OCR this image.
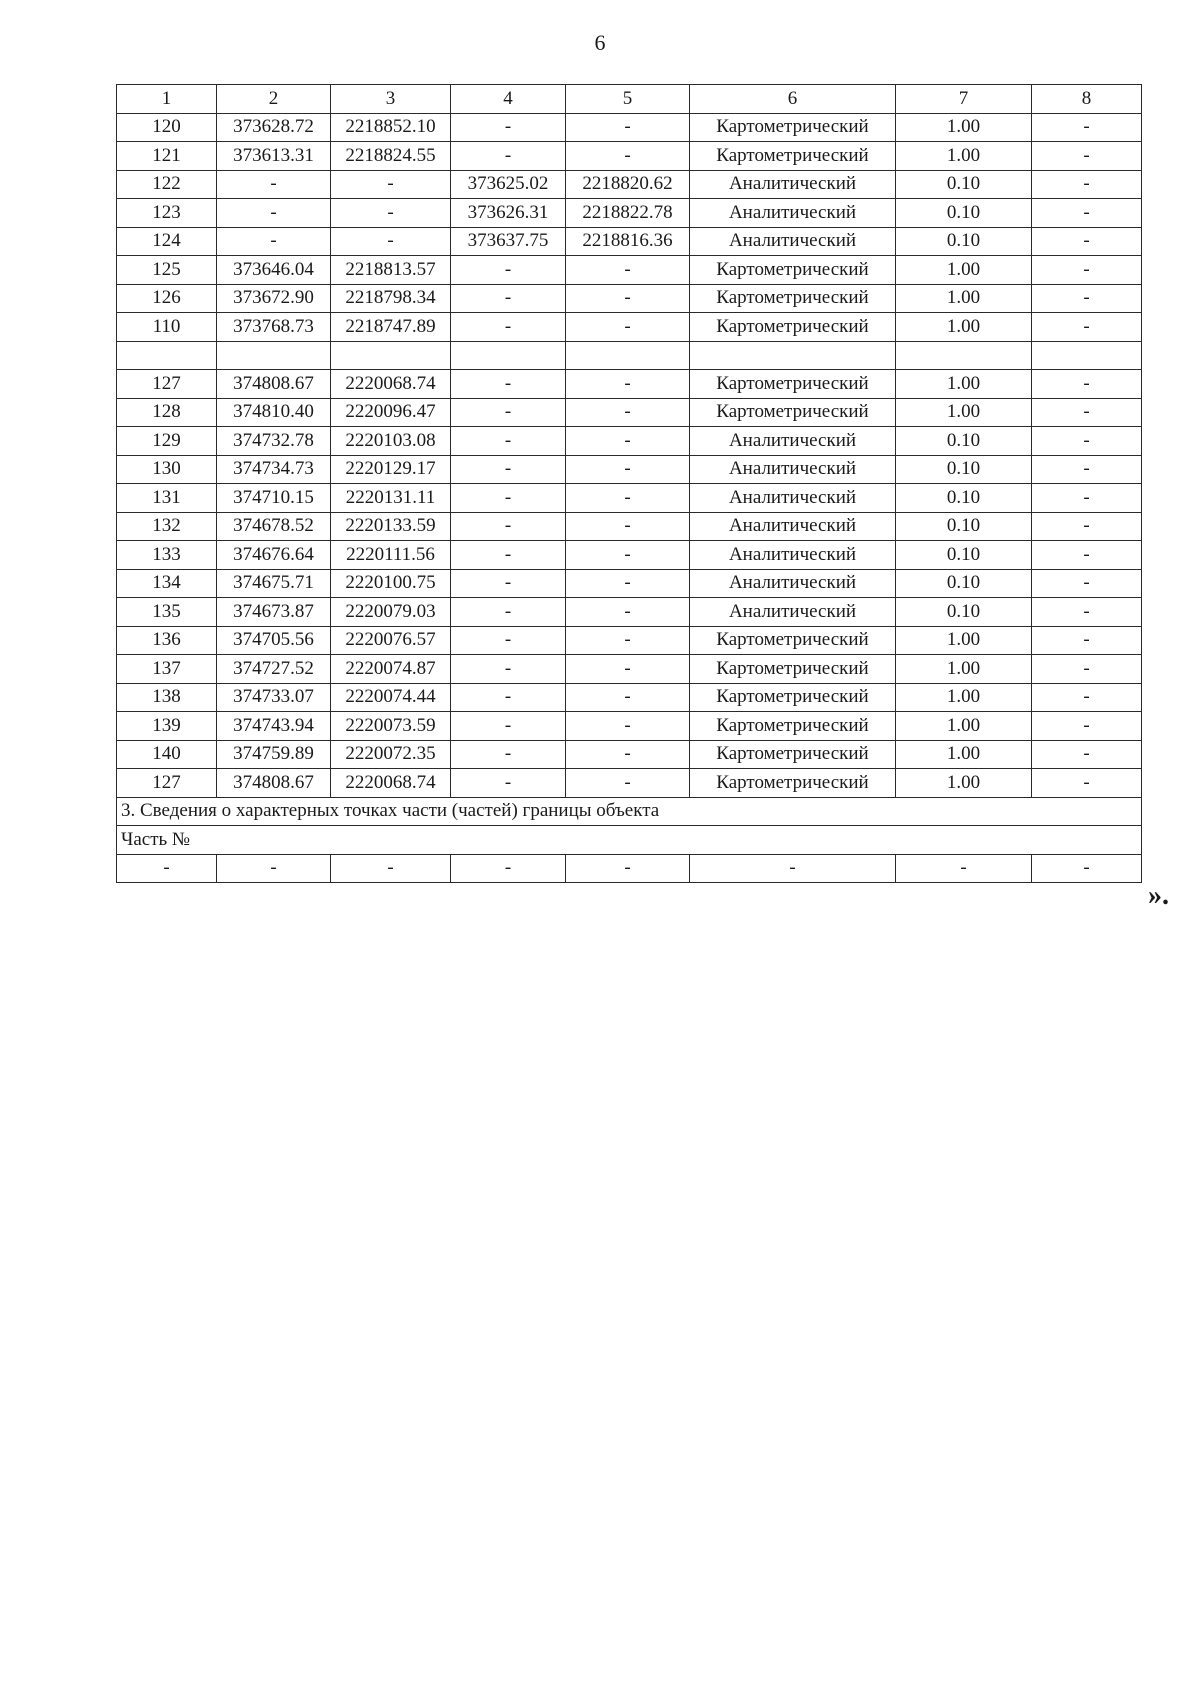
6
1	2	3	4	5	6	7	8
120	373628.72	2218852.10	-	-	Картометрический	1.00	-
121	373613.31	2218824.55	-	-	Картометрический	1.00	-
122	-	-	373625.02	2218820.62	Аналитический	0.10	-
123	-	-	373626.31	2218822.78	Аналитический	0.10	-
124	-	-	373637.75	2218816.36	Аналитический	0.10	-
125	373646.04	2218813.57	-	-	Картометрический	1.00	-
126	373672.90	2218798.34	-	-	Картометрический	1.00	-
110	373768.73	2218747.89	-	-	Картометрический	1.00	-

127	374808.67	2220068.74	-	-	Картометрический	1.00	-
128	374810.40	2220096.47	-	-	Картометрический	1.00	-
129	374732.78	2220103.08	-	-	Аналитический	0.10	-
130	374734.73	2220129.17	-	-	Аналитический	0.10	-
131	374710.15	2220131.11	-	-	Аналитический	0.10	-
132	374678.52	2220133.59	-	-	Аналитический	0.10	-
133	374676.64	2220111.56	-	-	Аналитический	0.10	-
134	374675.71	2220100.75	-	-	Аналитический	0.10	-
135	374673.87	2220079.03	-	-	Аналитический	0.10	-
136	374705.56	2220076.57	-	-	Картометрический	1.00	-
137	374727.52	2220074.87	-	-	Картометрический	1.00	-
138	374733.07	2220074.44	-	-	Картометрический	1.00	-
139	374743.94	2220073.59	-	-	Картометрический	1.00	-
140	374759.89	2220072.35	-	-	Картометрический	1.00	-
127	374808.67	2220068.74	-	-	Картометрический	1.00	-
3. Сведения о характерных точках части (частей) границы объекта							
Часть №							
-	-	-	-	-	-	-	-
».
